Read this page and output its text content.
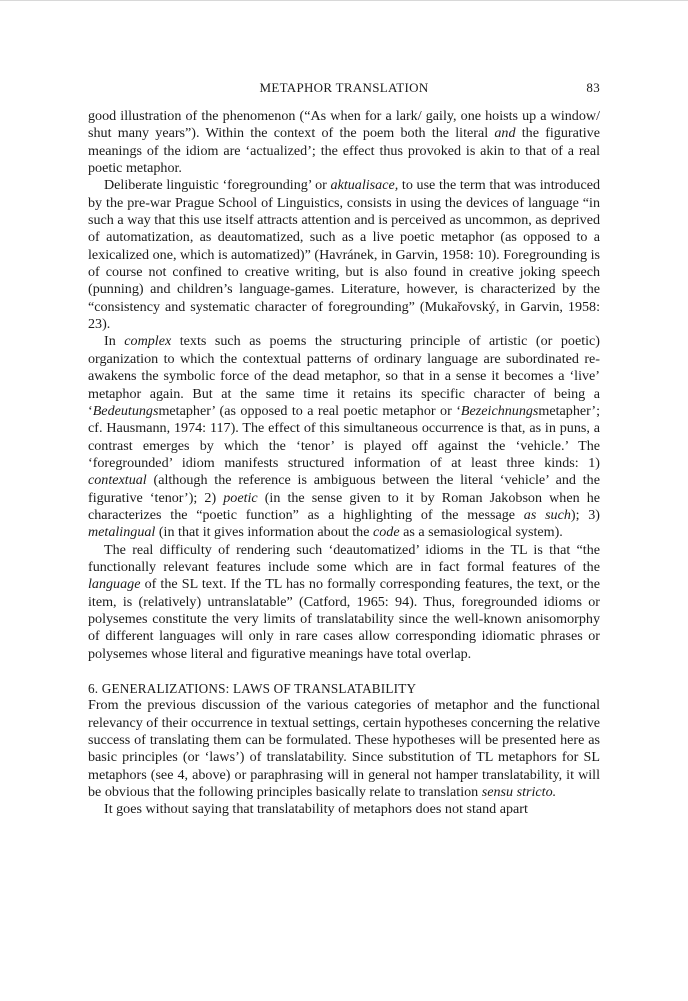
METAPHOR TRANSLATION	83

good illustration of the phenomenon (“As when for a lark/ gaily, one hoists up a window/ shut many years”). Within the context of the poem both the literal and the figurative meanings of the idiom are ‘actualized’; the effect thus provoked is akin to that of a real poetic metaphor.

Deliberate linguistic ‘foregrounding’ or aktualisace, to use the term that was introduced by the pre-war Prague School of Linguistics, consists in using the devices of language “in such a way that this use itself attracts attention and is perceived as uncommon, as deprived of automatization, as deautomatized, such as a live poetic metaphor (as opposed to a lexicalized one, which is automatized)” (Havránek, in Garvin, 1958: 10). Foregrounding is of course not confined to creative writing, but is also found in creative joking speech (punning) and children’s language-games. Literature, however, is characterized by the “consistency and systematic character of foregrounding” (Mukařovský, in Garvin, 1958: 23).

In complex texts such as poems the structuring principle of artistic (or poetic) organization to which the contextual patterns of ordinary language are subordinated re-awakens the symbolic force of the dead metaphor, so that in a sense it becomes a ‘live’ metaphor again. But at the same time it retains its specific character of being a ‘Bedeutungsmetapher’ (as opposed to a real poetic metaphor or ‘Bezeichnungsmetapher’; cf. Hausmann, 1974: 117). The effect of this simultaneous occurrence is that, as in puns, a contrast emerges by which the ‘tenor’ is played off against the ‘vehicle.’ The ‘foregrounded’ idiom manifests structured information of at least three kinds: 1) contextual (although the reference is ambiguous between the literal ‘vehicle’ and the figurative ‘tenor’); 2) poetic (in the sense given to it by Roman Jakobson when he characterizes the “poetic function” as a highlighting of the message as such); 3) metalingual (in that it gives information about the code as a semasiological system).

The real difficulty of rendering such ‘deautomatized’ idioms in the TL is that “the functionally relevant features include some which are in fact formal features of the language of the SL text. If the TL has no formally corresponding features, the text, or the item, is (relatively) untranslatable” (Catford, 1965: 94). Thus, foregrounded idioms or polysemes constitute the very limits of translatability since the well-known anisomorphy of different languages will only in rare cases allow corresponding idiomatic phrases or polysemes whose literal and figurative meanings have total overlap.

6. GENERALIZATIONS: LAWS OF TRANSLATABILITY

From the previous discussion of the various categories of metaphor and the functional relevancy of their occurrence in textual settings, certain hypotheses concerning the relative success of translating them can be formulated. These hypotheses will be presented here as basic principles (or ‘laws’) of translatability. Since substitution of TL metaphors for SL metaphors (see 4, above) or paraphrasing will in general not hamper translatability, it will be obvious that the following principles basically relate to translation sensu stricto.

It goes without saying that translatability of metaphors does not stand apart
